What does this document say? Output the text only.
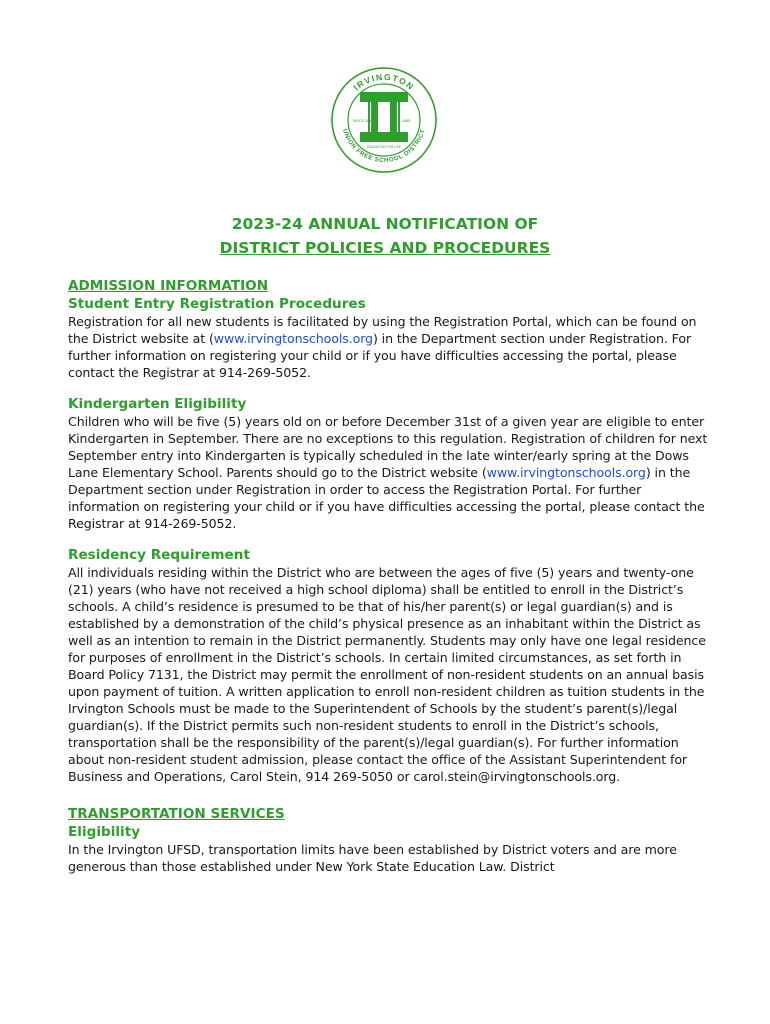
IRVINGTON
UNION FREE SCHOOL DISTRICT
SINCE 1885	1885
EDUCATION FOR LIFE
2023-24 ANNUAL NOTIFICATION OF
DISTRICT POLICIES AND PROCEDURES
ADMISSION INFORMATION
Student Entry Registration Procedures

Registration for all new students is facilitated by using the Registration Portal, which can be found on the District website at (www.irvingtonschools.org) in the Department section under Registration. For further information on registering your child or if you have difficulties accessing the portal, please contact the Registrar at 914-269-5052.

Kindergarten Eligibility

Children who will be five (5) years old on or before December 31st of a given year are eligible to enter Kindergarten in September. There are no exceptions to this regulation. Registration of children for next September entry into Kindergarten is typically scheduled in the late winter/early spring at the Dows Lane Elementary School. Parents should go to the District website (www.irvingtonschools.org) in the Department section under Registration in order to access the Registration Portal. For further information on registering your child or if you have difficulties accessing the portal, please contact the Registrar at 914-269-5052.

Residency Requirement

All individuals residing within the District who are between the ages of five (5) years and twenty-one (21) years (who have not received a high school diploma) shall be entitled to enroll in the District’s schools. A child’s residence is presumed to be that of his/her parent(s) or legal guardian(s) and is established by a demonstration of the child’s physical presence as an inhabitant within the District as well as an intention to remain in the District permanently. Students may only have one legal residence for purposes of enrollment in the District’s schools. In certain limited circumstances, as set forth in Board Policy 7131, the District may permit the enrollment of non-resident students on an annual basis upon payment of tuition. A written application to enroll non-resident children as tuition students in the Irvington Schools must be made to the Superintendent of Schools by the student’s parent(s)/legal guardian(s). If the District permits such non-resident students to enroll in the District’s schools, transportation shall be the responsibility of the parent(s)/legal guardian(s). For further information about non-resident student admission, please contact the office of the Assistant Superintendent for Business and Operations, Carol Stein, 914 269-5050 or carol.stein@irvingtonschools.org.

TRANSPORTATION SERVICES
Eligibility

In the Irvington UFSD, transportation limits have been established by District voters and are more generous than those established under New York State Education Law. District
